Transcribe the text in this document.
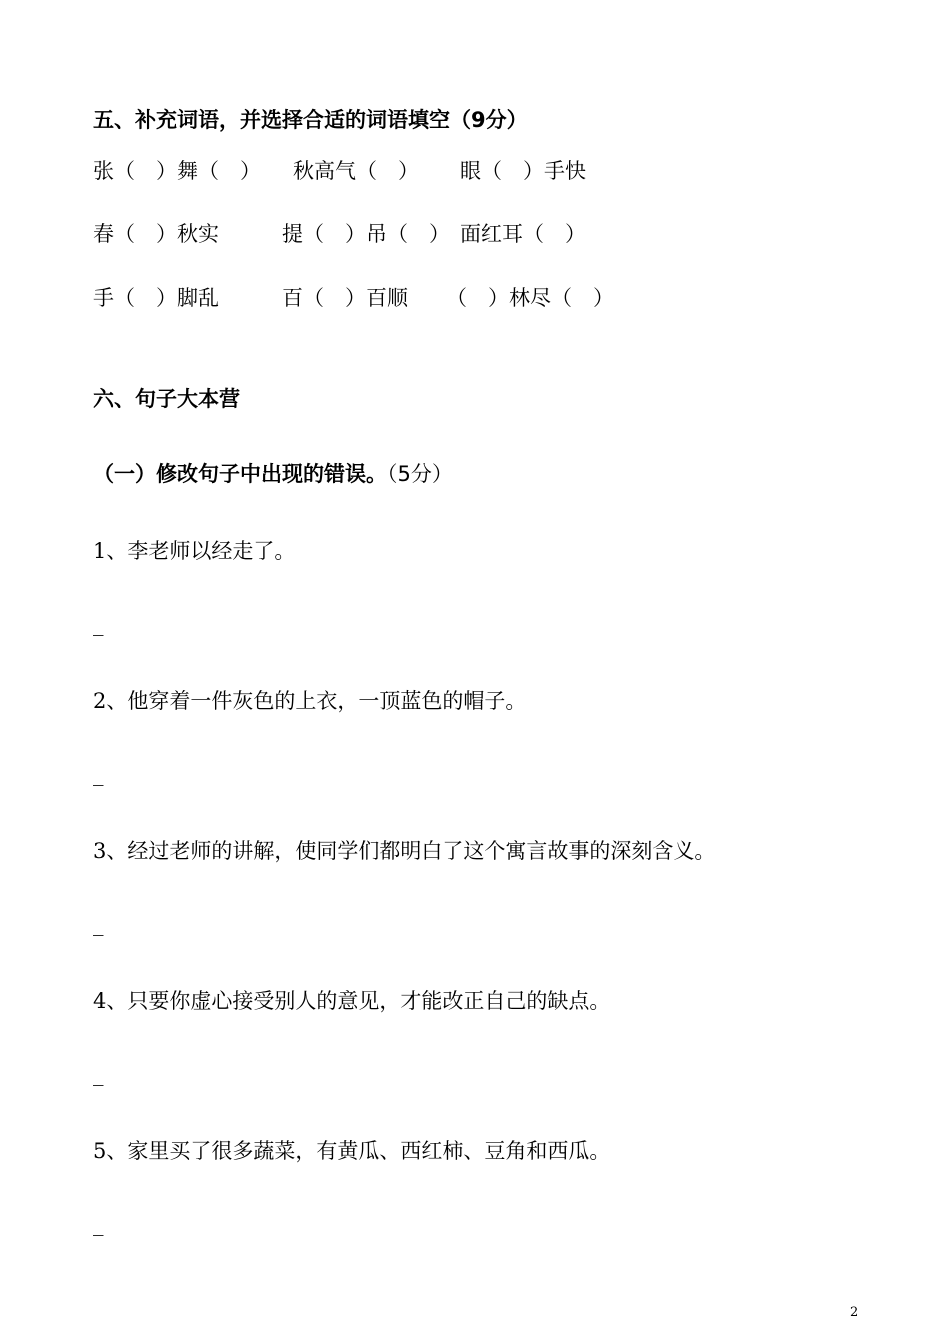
五、补充词语，并选择合适的词语填空（9分）
张（　）舞（　） 秋高气（　） 眼（　）手快
春（　）秋实	提（　）吊（　） 面红耳（　）
手（　）脚乱	百（　）百顺 （　）林尽（　）
六、句子大本营
（一）修改句子中出现的错误。（5分）
1、李老师以经走了。
_
2、他穿着一件灰色的上衣，一顶蓝色的帽子。
_
3、经过老师的讲解，使同学们都明白了这个寓言故事的深刻含义。
_
4、只要你虚心接受别人的意见，才能改正自己的缺点。
_
5、家里买了很多蔬菜，有黄瓜、西红柿、豆角和西瓜。
_
2
